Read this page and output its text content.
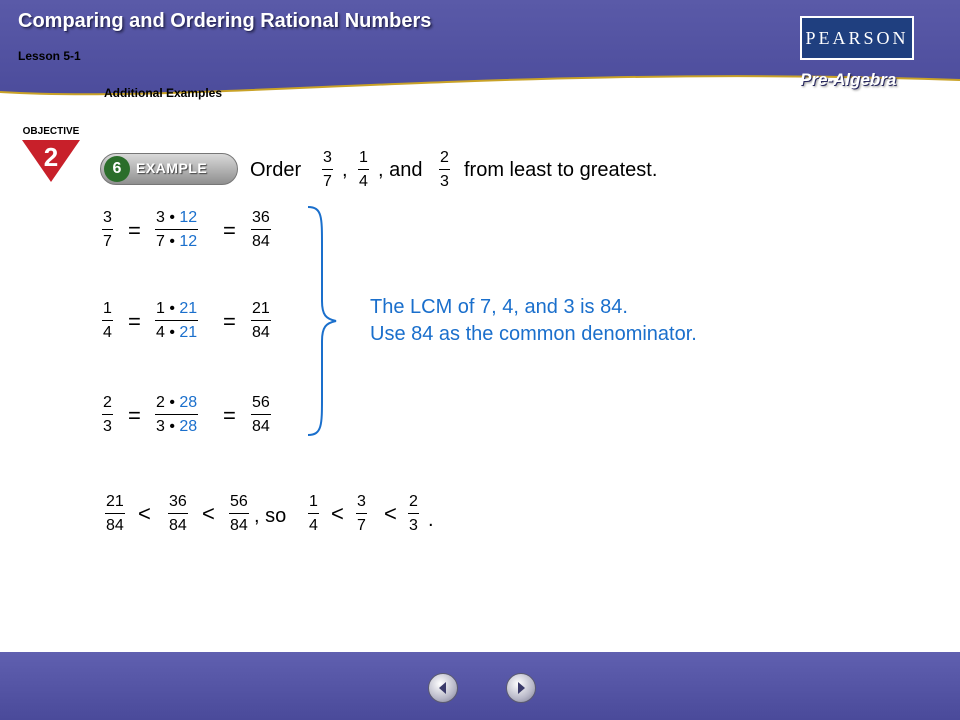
Comparing and Ordering Rational Numbers
Lesson 5-1
Additional Examples
PEARSON
Pre-Algebra
OBJECTIVE
2	6	EXAMPLE Order $\frac{3}{7}$ , $\frac{1}{4}$ , and $\frac{2}{3}$ from least to greatest.
$\frac{3}{7} = \frac{3 • 12}{7 • 12} = \frac{36}{84}$
$\frac{1}{4} = \frac{1 • 21}{4 • 21} = \frac{21}{84}$
$\frac{2}{3} = \frac{2 • 28}{3 • 28} = \frac{56}{84}$
The LCM of 7, 4, and 3 is 84.
Use 84 as the common denominator.
$\frac{21}{84} < \frac{36}{84} < \frac{56}{84}$ , so $\frac{1}{4} < \frac{3}{7} < \frac{2}{3}$ .
